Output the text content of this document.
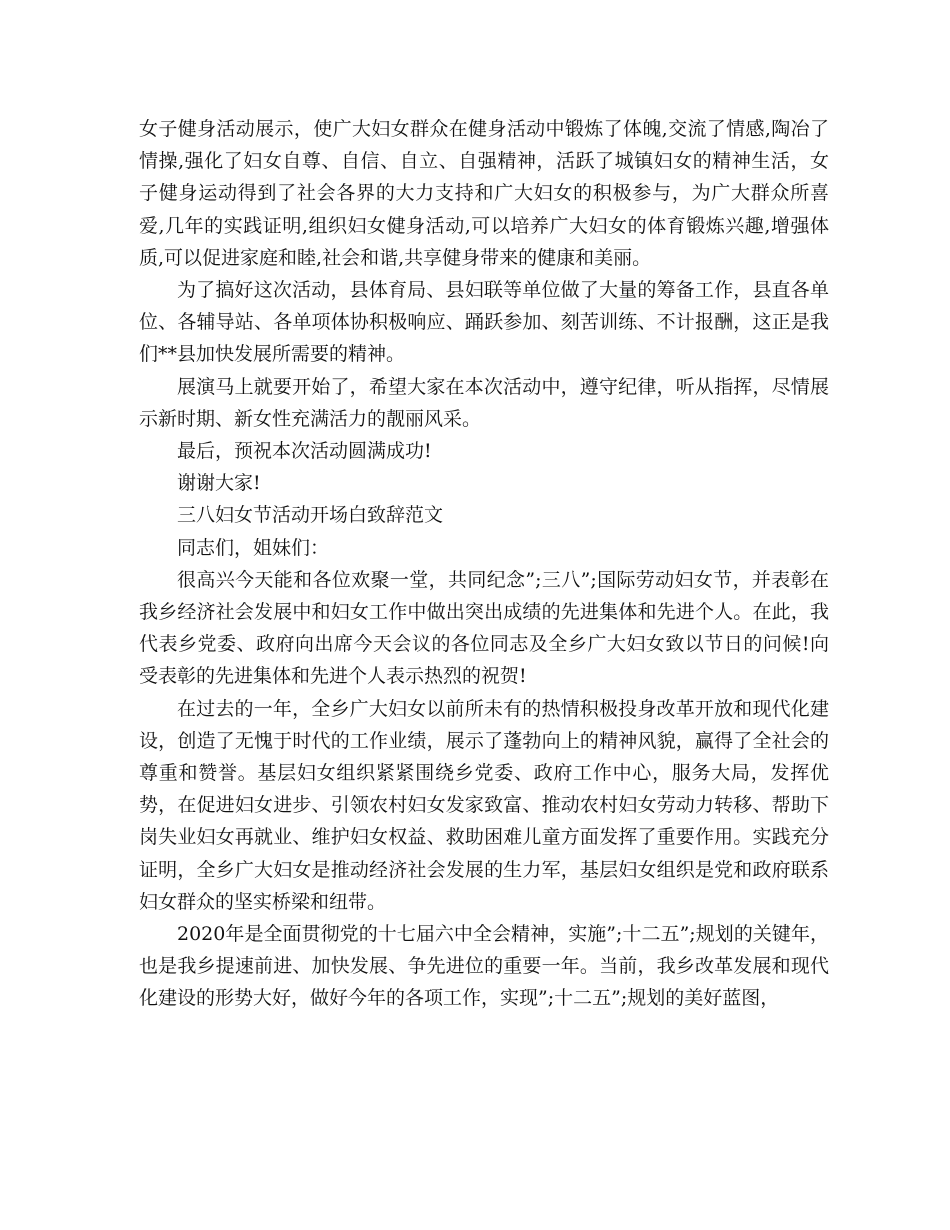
女子健身活动展示，使广大妇女群众在健身活动中锻炼了体魄,交流了情感,陶冶了情操,强化了妇女自尊、自信、自立、自强精神，活跃了城镇妇女的精神生活，女子健身运动得到了社会各界的大力支持和广大妇女的积极参与，为广大群众所喜爱,几年的实践证明,组织妇女健身活动,可以培养广大妇女的体育锻炼兴趣,增强体质,可以促进家庭和睦,社会和谐,共享健身带来的健康和美丽。

为了搞好这次活动，县体育局、县妇联等单位做了大量的筹备工作，县直各单位、各辅导站、各单项体协积极响应、踊跃参加、刻苦训练、不计报酬，这正是我们**县加快发展所需要的精神。

展演马上就要开始了，希望大家在本次活动中，遵守纪律，听从指挥，尽情展示新时期、新女性充满活力的靓丽风采。

最后，预祝本次活动圆满成功!

谢谢大家!

三八妇女节活动开场白致辞范文

同志们，姐妹们：

很高兴今天能和各位欢聚一堂，共同纪念”;三八”;国际劳动妇女节，并表彰在我乡经济社会发展中和妇女工作中做出突出成绩的先进集体和先进个人。在此，我代表乡党委、政府向出席今天会议的各位同志及全乡广大妇女致以节日的问候!向受表彰的先进集体和先进个人表示热烈的祝贺!

在过去的一年，全乡广大妇女以前所未有的热情积极投身改革开放和现代化建设，创造了无愧于时代的工作业绩，展示了蓬勃向上的精神风貌，赢得了全社会的尊重和赞誉。基层妇女组织紧紧围绕乡党委、政府工作中心，服务大局，发挥优势，在促进妇女进步、引领农村妇女发家致富、推动农村妇女劳动力转移、帮助下岗失业妇女再就业、维护妇女权益、救助困难儿童方面发挥了重要作用。实践充分证明，全乡广大妇女是推动经济社会发展的生力军，基层妇女组织是党和政府联系妇女群众的坚实桥梁和纽带。

2020年是全面贯彻党的十七届六中全会精神，实施”;十二五”;规划的关键年，也是我乡提速前进、加快发展、争先进位的重要一年。当前，我乡改革发展和现代化建设的形势大好，做好今年的各项工作，实现”;十二五”;规划的美好蓝图，
